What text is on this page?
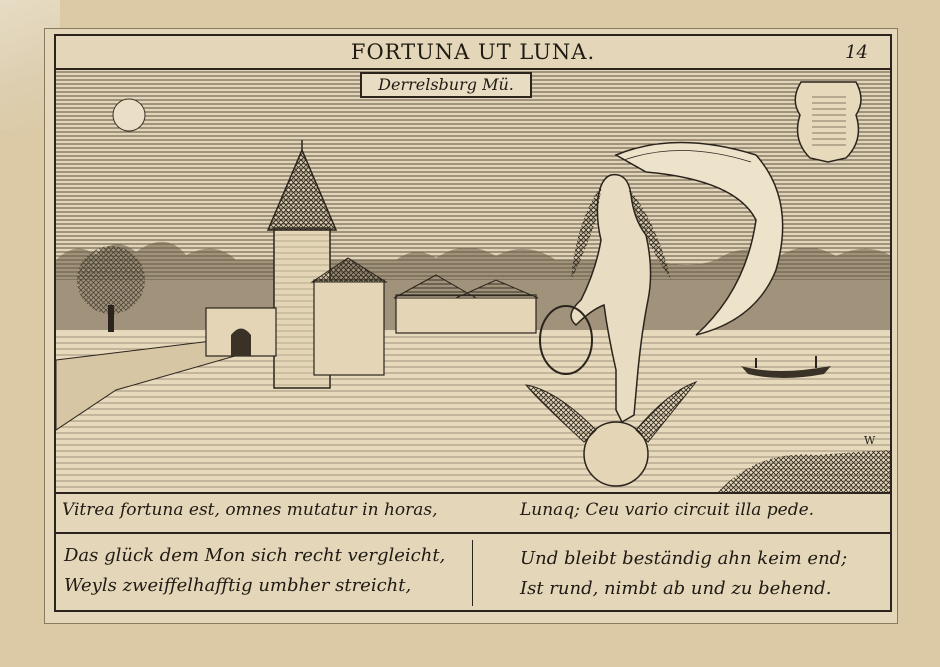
FORTUNA UT LUNA.	14
W
Derrelsburg Mü.
Vitrea fortuna est, omnes mutatur in horas,	Lunaq; Ceu vario circuit illa pede.
Das glück dem Mon sich recht vergleicht,
Weyls zweiffelhafftig umbher streicht,
Und bleibt beständig ahn keim end;
Ist rund, nimbt ab und zu behend.
